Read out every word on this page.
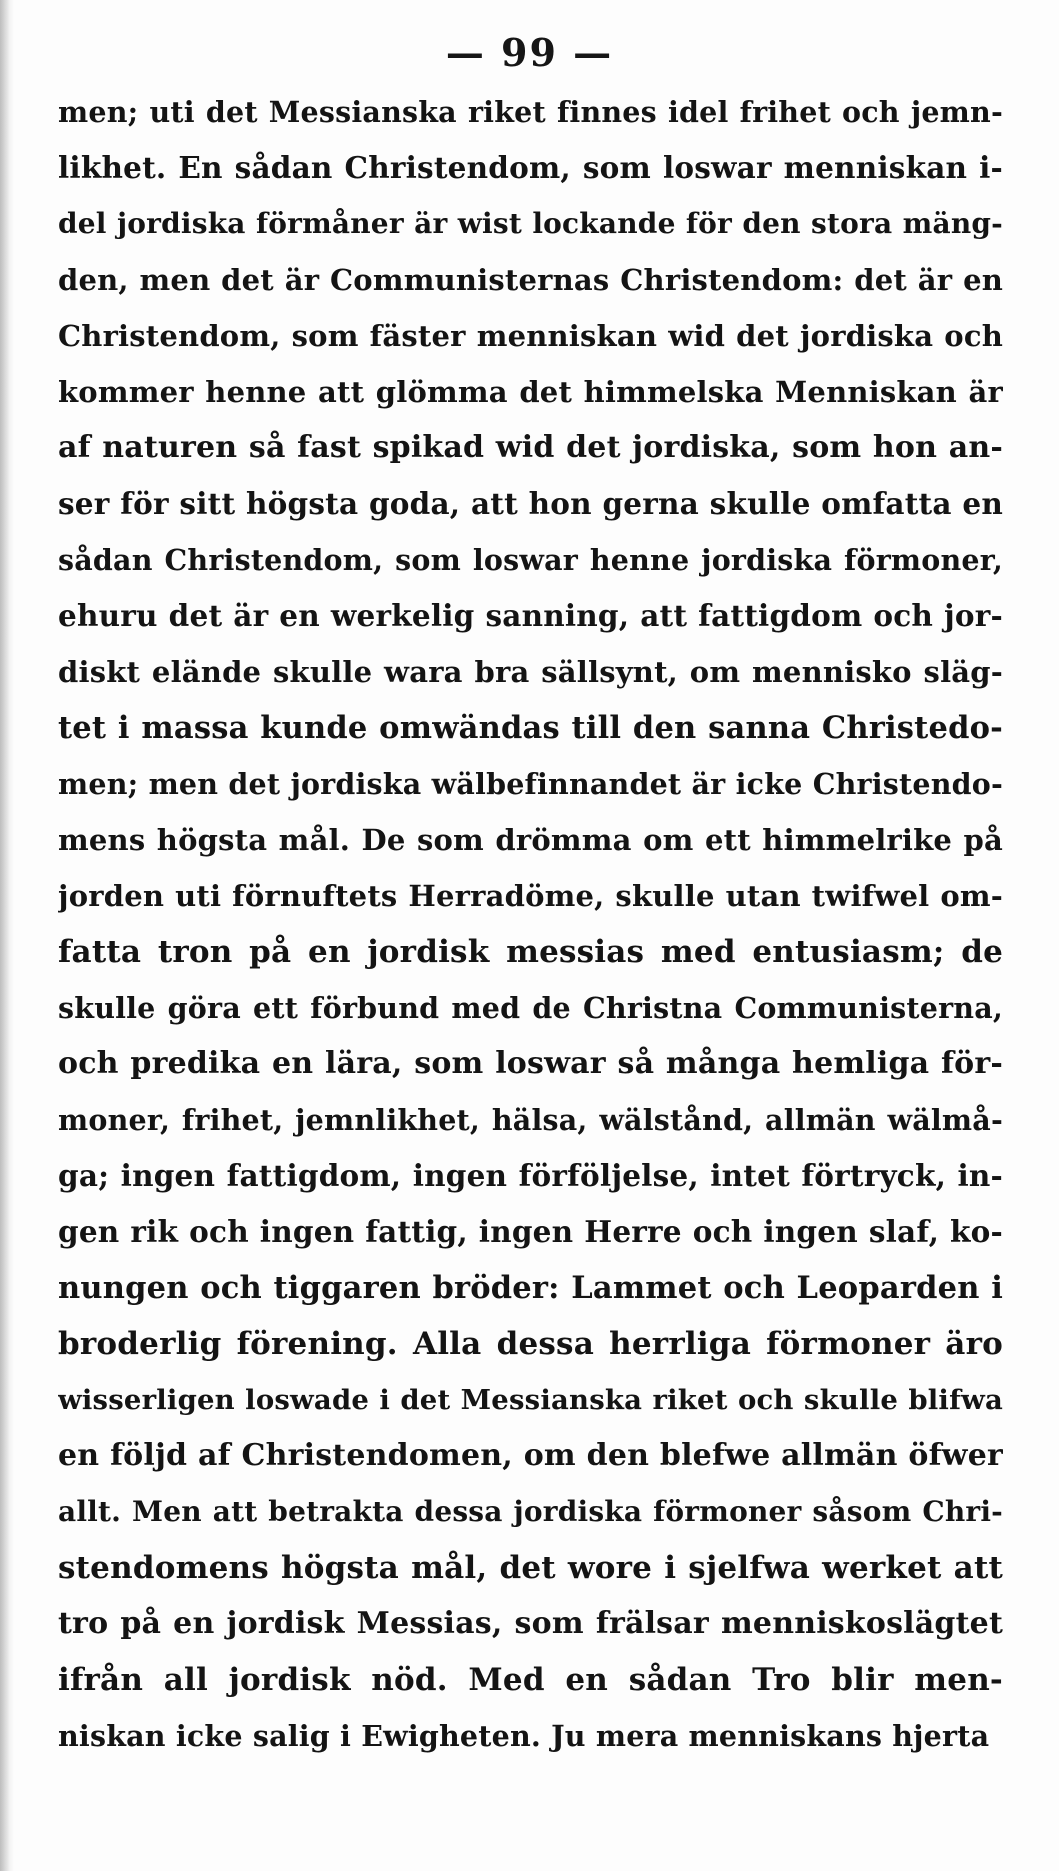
— 99 —
men; uti det Messianska riket finnes idel frihet och jemn-
likhet. En sådan Christendom, som loswar menniskan i-
del jordiska förmåner är wist lockande för den stora mäng-
den, men det är Communisternas Christendom: det är en
Christendom, som fäster menniskan wid det jordiska och
kommer henne att glömma det himmelska Menniskan är
af naturen så fast spikad wid det jordiska, som hon an-
ser för sitt högsta goda, att hon gerna skulle omfatta en
sådan Christendom, som loswar henne jordiska förmoner,
ehuru det är en werkelig sanning, att fattigdom och jor-
diskt elände skulle wara bra sällsynt, om mennisko släg-
tet i massa kunde omwändas till den sanna Christedo-
men; men det jordiska wälbefinnandet är icke Christendo-
mens högsta mål. De som drömma om ett himmelrike på
jorden uti förnuftets Herradöme, skulle utan twifwel om-
fatta tron på en jordisk messias med entusiasm; de
skulle göra ett förbund med de Christna Communisterna,
och predika en lära, som loswar så många hemliga för-
moner, frihet, jemnlikhet, hälsa, wälstånd, allmän wälmå-
ga; ingen fattigdom, ingen förföljelse, intet förtryck, in-
gen rik och ingen fattig, ingen Herre och ingen slaf, ko-
nungen och tiggaren bröder: Lammet och Leoparden i
broderlig förening. Alla dessa herrliga förmoner äro
wisserligen loswade i det Messianska riket och skulle blifwa
en följd af Christendomen, om den blefwe allmän öfwer
allt. Men att betrakta dessa jordiska förmoner såsom Chri-
stendomens högsta mål, det wore i sjelfwa werket att
tro på en jordisk Messias, som frälsar menniskoslägtet
ifrån all jordisk nöd. Med en sådan Tro blir men-
niskan icke salig i Ewigheten. Ju mera menniskans hjerta
